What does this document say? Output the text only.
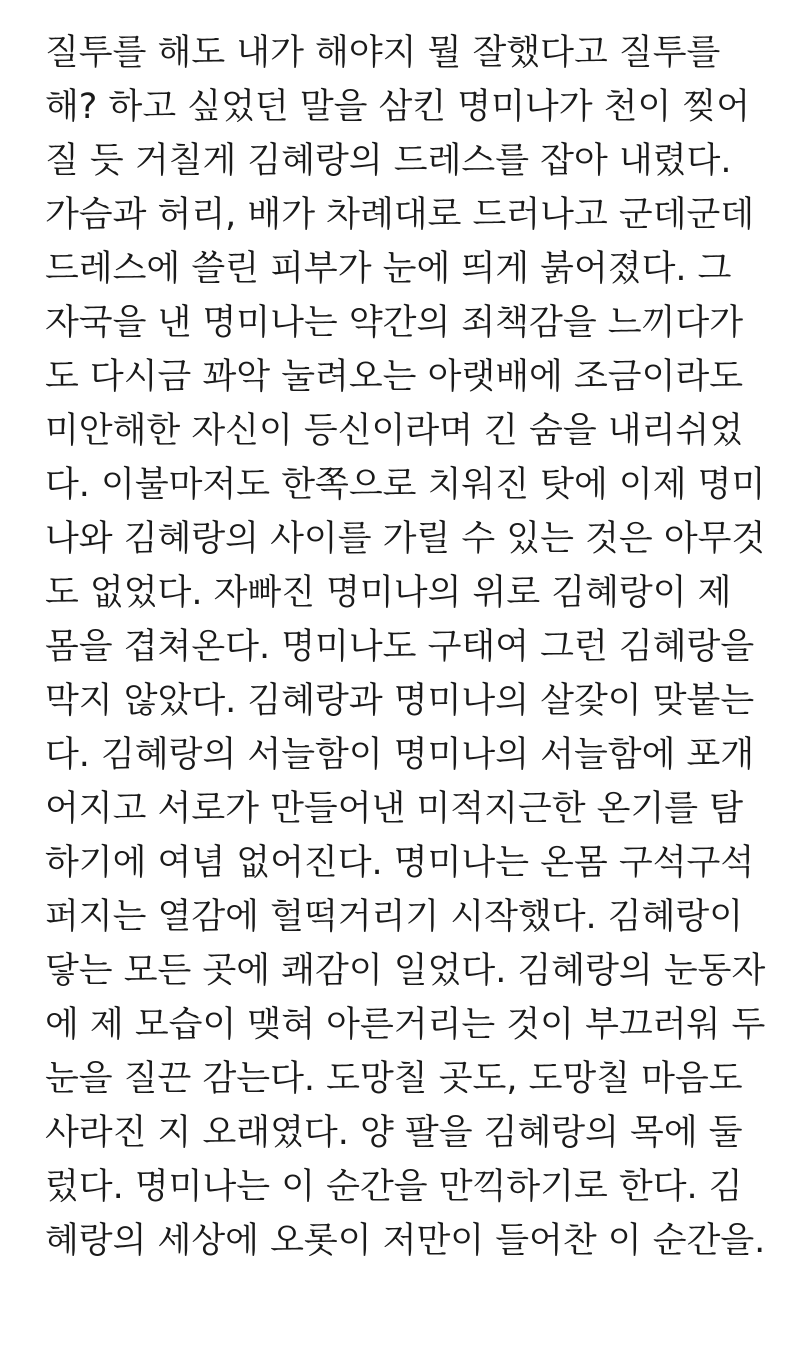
질투를 해도 내가 해야지 뭘 잘했다고 질투를
해? 하고 싶었던 말을 삼킨 명미나가 천이 찢어
질 듯 거칠게 김혜랑의 드레스를 잡아 내렸다.
가슴과 허리, 배가 차례대로 드러나고 군데군데
드레스에 쓸린 피부가 눈에 띄게 붉어졌다. 그
자국을 낸 명미나는 약간의 죄책감을 느끼다가
도 다시금 꽈악 눌려오는 아랫배에 조금이라도
미안해한 자신이 등신이라며 긴 숨을 내리쉬었
다. 이불마저도 한쪽으로 치워진 탓에 이제 명미
나와 김혜랑의 사이를 가릴 수 있는 것은 아무것
도 없었다. 자빠진 명미나의 위로 김혜랑이 제
몸을 겹쳐온다. 명미나도 구태여 그런 김혜랑을
막지 않았다. 김혜랑과 명미나의 살갗이 맞붙는
다. 김혜랑의 서늘함이 명미나의 서늘함에 포개
어지고 서로가 만들어낸 미적지근한 온기를 탐
하기에 여념 없어진다. 명미나는 온몸 구석구석
퍼지는 열감에 헐떡거리기 시작했다. 김혜랑이
닿는 모든 곳에 쾌감이 일었다. 김혜랑의 눈동자
에 제 모습이 맺혀 아른거리는 것이 부끄러워 두
눈을 질끈 감는다. 도망칠 곳도, 도망칠 마음도
사라진 지 오래였다. 양 팔을 김혜랑의 목에 둘
렀다. 명미나는 이 순간을 만끽하기로 한다. 김
혜랑의 세상에 오롯이 저만이 들어찬 이 순간을.
